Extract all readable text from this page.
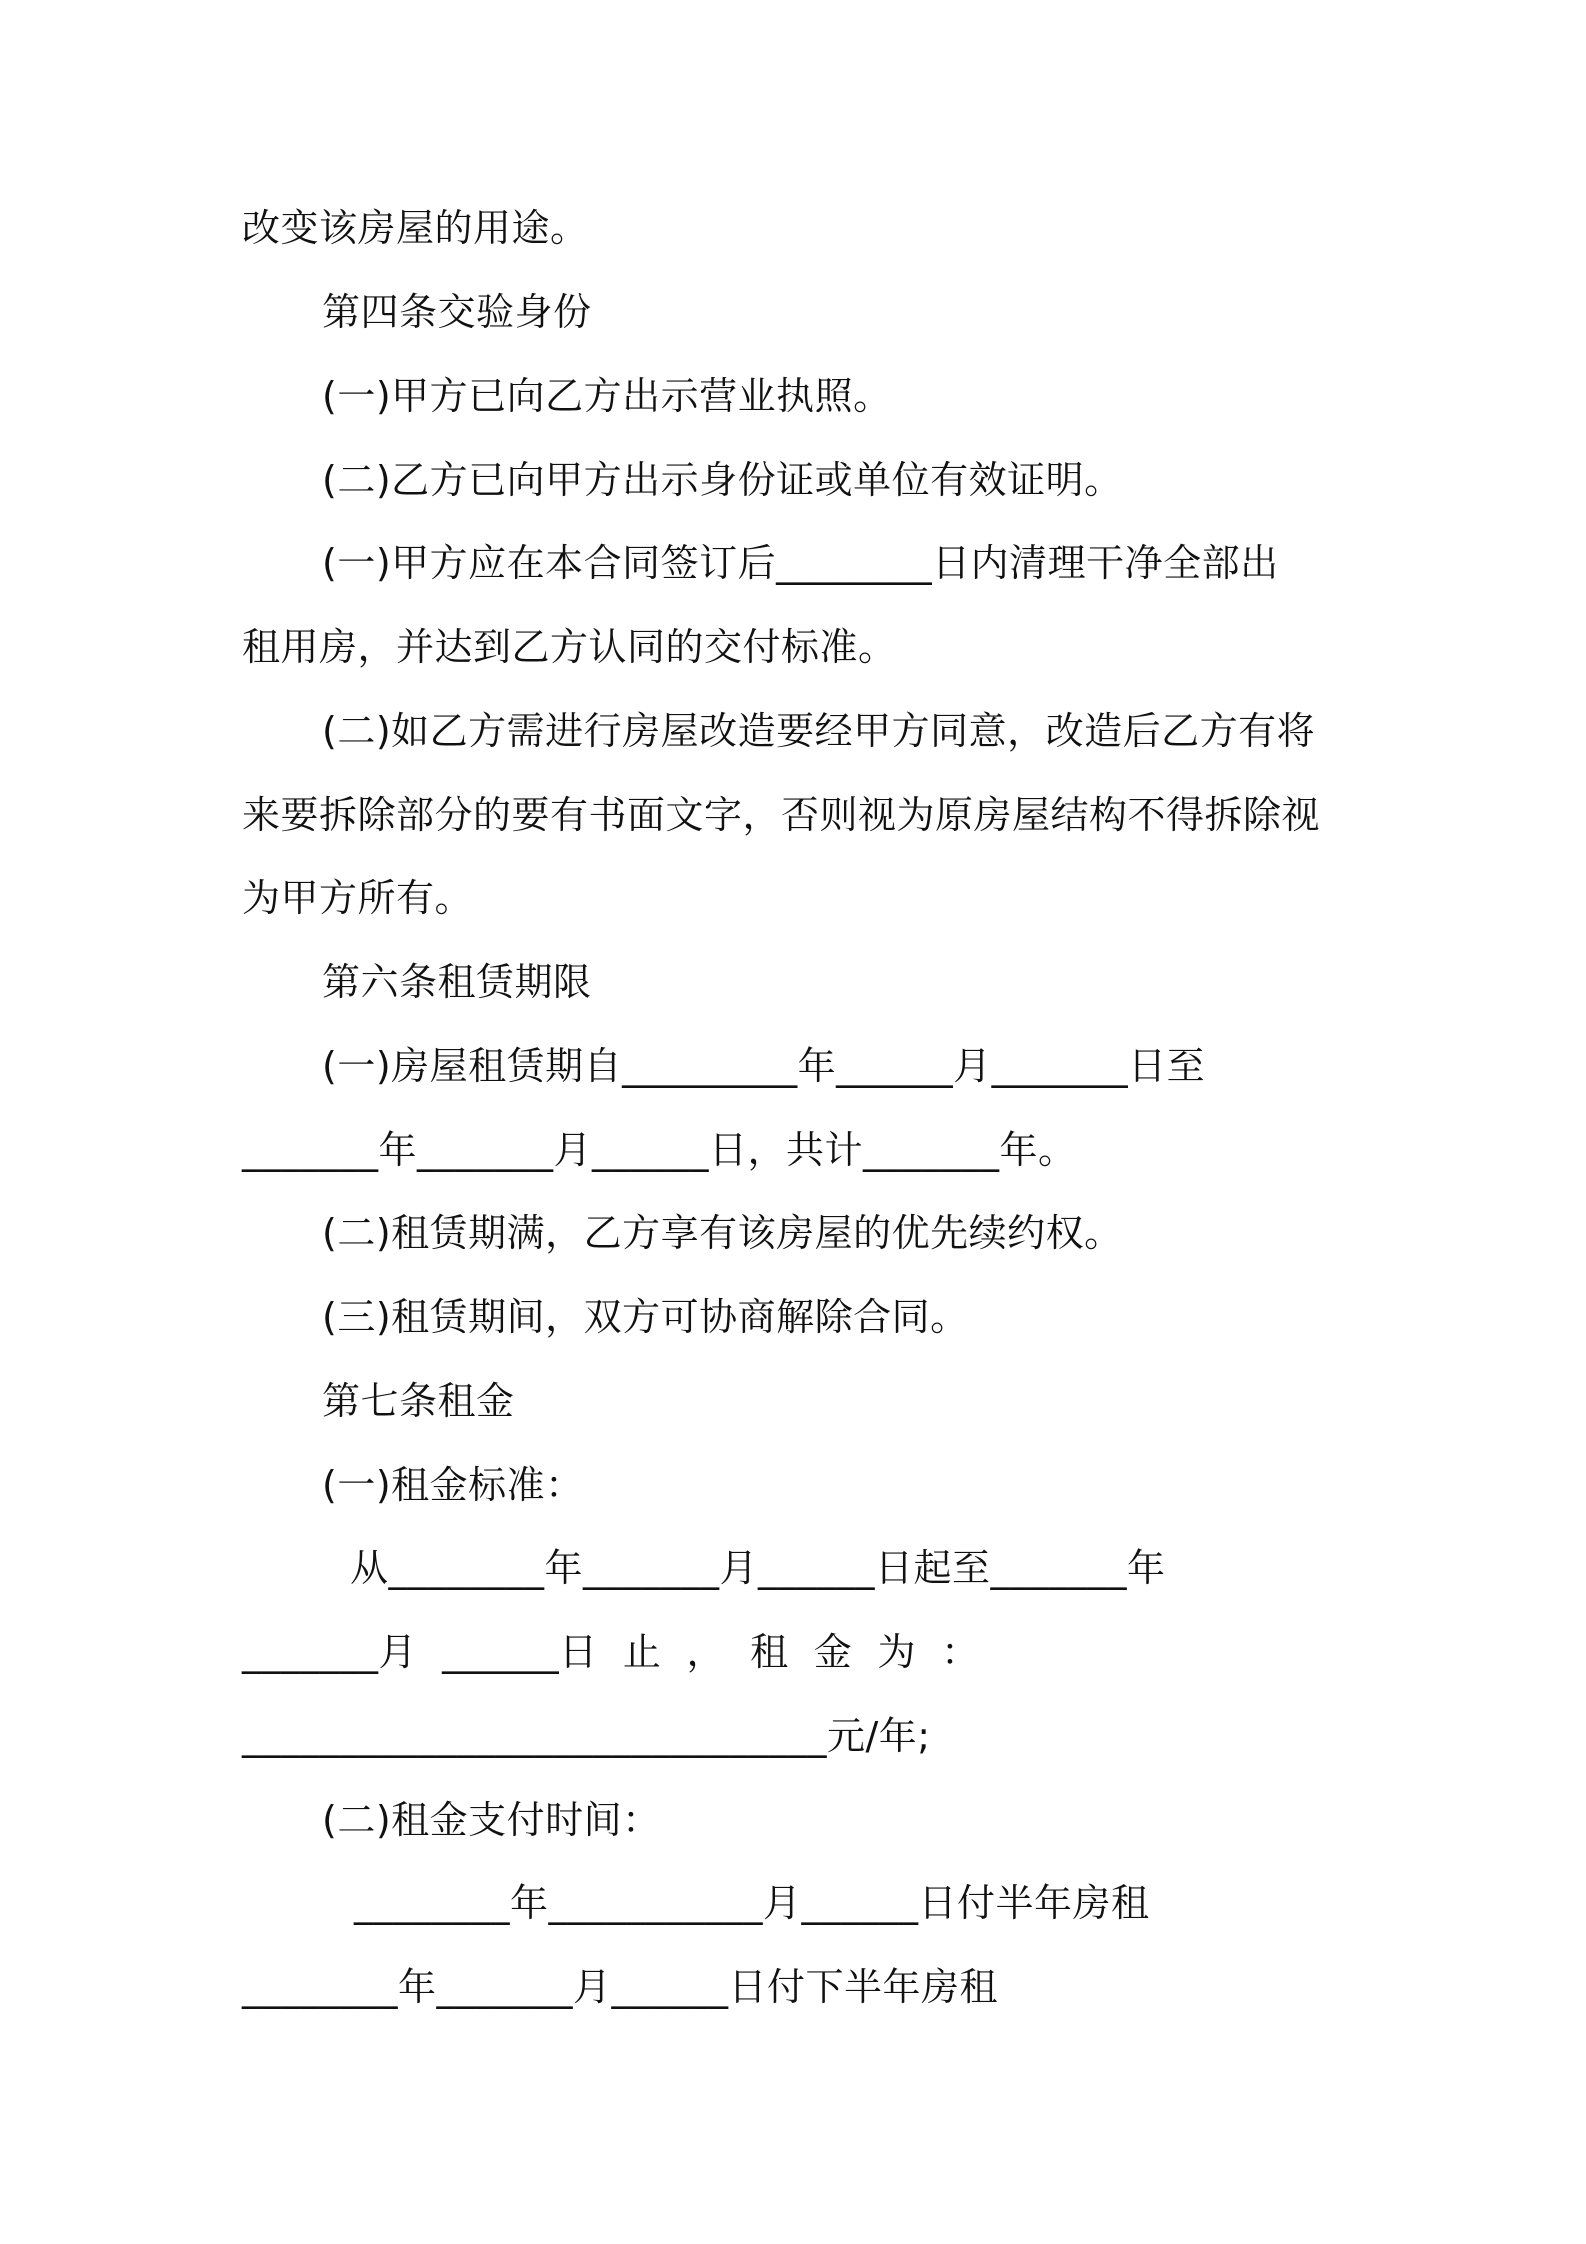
改变该房屋的用途。
第四条交验身份
(一)甲方已向乙方出示营业执照。
(二)乙方已向甲方出示身份证或单位有效证明。
(一)甲方应在本合同签订后________日内清理干净全部出
租用房，并达到乙方认同的交付标准。
(二)如乙方需进行房屋改造要经甲方同意，改造后乙方有将
来要拆除部分的要有书面文字，否则视为原房屋结构不得拆除视
为甲方所有。
第六条租赁期限
(一)房屋租赁期自_________年______月_______日至
_______年_______月______日，共计_______年。
(二)租赁期满，乙方享有该房屋的优先续约权。
(三)租赁期间，双方可协商解除合同。
第七条租金
(一)租金标准：
从________年_______月______日起至_______年
_______月  ______日  止  ，  租  金  为  ：
______________________________元/年;
(二)租金支付时间：
________年___________月______日付半年房租
________年_______月______日付下半年房租
